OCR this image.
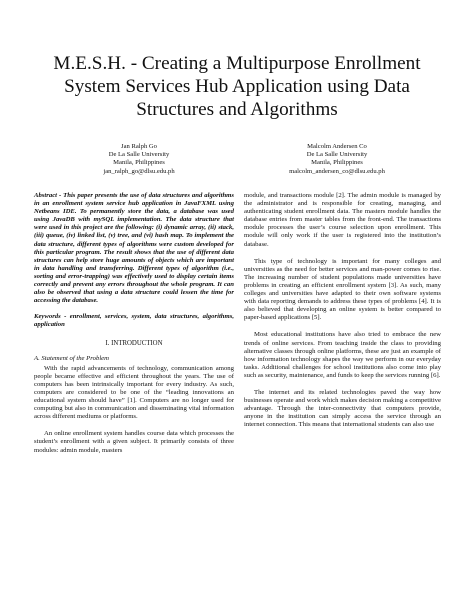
M.E.S.H. - Creating a Multipurpose Enrollment System Services Hub Application using Data Structures and Algorithms
Jan Ralph Go
De La Salle University
Manila, Philippines
jan_ralph_go@dlsu.edu.ph
Malcolm Andersen Co
De La Salle University
Manila, Philippines
malcolm_andersen_co@dlsu.edu.ph

Abstract - This paper presents the use of data structures and algorithms in an enrollment system service hub application in JavaFXML using Netbeans IDE. To permanently store the data, a database was used using JavaDB with mySQL implementation. The data structure that were used in this project are the following: (i) dynamic array, (ii) stack, (iii) queue, (iv) linked list, (v) tree, and (vi) hash map. To implement the data structure, different types of algorithms were custom developed for this particular program. The result shows that the use of different data structures can help store huge amounts of objects which are important in data handling and transferring. Different types of algorithm (i.e., sorting and error-trapping) was effectively used to display certain items correctly and prevent any errors throughout the whole program. It can also be observed that using a data structure could lessen the time for accessing the database.

Keywords - enrollment, services, system, data structures, algorithms, application

I. INTRODUCTION

A. Statement of the Problem

With the rapid advancements of technology, communication among people became effective and efficient throughout the years. The use of computers has been intrinsically important for every industry. As such, computers are considered to be one of the “leading innovations an educational system should have” [1]. Computers are no longer used for computing but also in communication and disseminating vital information across different mediums or platforms.

An online enrollment system handles course data which processes the student’s enrollment with a given subject. It primarily consists of three modules: admin module, masters

module, and transactions module [2]. The admin module is managed by the administrator and is responsible for creating, managing, and authenticating student enrollment data. The masters module handles the database entries from master tables from the front-end. The transactions module processes the user’s course selection upon enrollment. This module will only work if the user is registered into the institution’s database.

This type of technology is important for many colleges and universities as the need for better services and man-power comes to rise. The increasing number of student populations made universities have problems in creating an efficient enrollment system [3]. As such, many colleges and universities have adapted to their own software systems with data reporting demands to address these types of problems [4]. It is also believed that developing an online system is better compared to paper-based applications [5].

Most educational institutions have also tried to embrace the new trends of online services. From teaching inside the class to providing alternative classes through online platforms, these are just an example of how information technology shapes the way we perform in our everyday tasks. Additional challenges for school institutions also come into play such as security, maintenance, and funds to keep the services running [6].

The internet and its related technologies paved the way how businesses operate and work which makes decision making a competitive advantage. Through the inter-connectivity that computers provide, anyone in the institution can simply access the service through an internet connection. This means that international students can also use
